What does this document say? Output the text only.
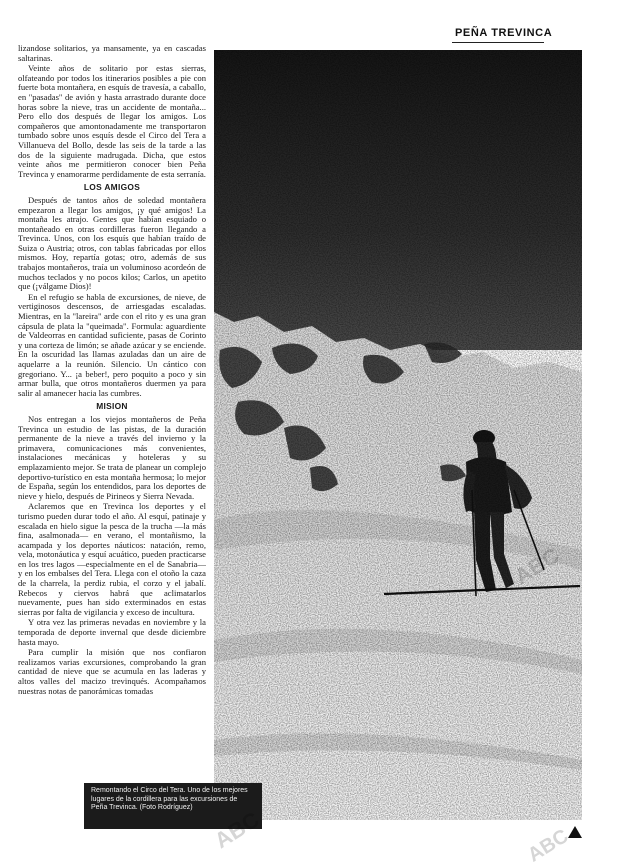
PEÑA TREVINCA

lizandose solitarios, ya mansamente, ya en cascadas saltarinas.

Veinte años de solitario por estas sierras, olfateando por todos los itinerarios posibles a pie con fuerte bota montañera, en esquís de travesía, a caballo, en "pasadas" de avión y hasta arrastrado durante doce horas sobre la nieve, tras un accidente de montaña... Pero ello dos después de llegar los amigos. Los compañeros que amontonadamente me transportaron tumbado sobre unos esquís desde el Circo del Tera a Villanueva del Bollo, desde las seis de la tarde a las dos de la siguiente madrugada. Dicha, que estos veinte años me permitieron conocer bien Peña Trevinca y enamorarme perdidamente de esta serranía.

LOS AMIGOS

Después de tantos años de soledad montañera empezaron a llegar los amigos, ¡y qué amigos! La montaña les atrajo. Gentes que habían esquiado o montañeado en otras cordilleras fueron llegando a Trevinca. Unos, con los esquís que habían traído de Suiza o Austria; otros, con tablas fabricadas por ellos mismos. Hoy, repartía gotas; otro, además de sus trabajos montañeros, traía un voluminoso acordeón de muchos teclados y no pocos kilos; Carlos, un apetito que (¡válgame Dios)!

En el refugio se habla de excursiones, de nieve, de vertiginosos descensos, de arriesgadas escaladas. Mientras, en la "lareira" arde con el rito y es una gran cápsula de plata la "queimada". Formula: aguardiente de Valdeorras en cantidad suficiente, pasas de Corinto y una corteza de limón; se añade azúcar y se enciende. En la oscuridad las llamas azuladas dan un aire de aquelarre a la reunión. Silencio. Un cántico con gregoriano. Y... ¡a beber!, pero poquito a poco y sin armar bulla, que otros montañeros duermen ya para salir al amanecer hacia las cumbres.

MISION

Nos entregan a los viejos montañeros de Peña Trevinca un estudio de las pistas, de la duración permanente de la nieve a través del invierno y la primavera, comunicaciones más convenientes, instalaciones mecánicas y hoteleras y su emplazamiento mejor. Se trata de planear un complejo deportivo-turístico en esta montaña hermosa; lo mejor de España, según los entendidos, para los deportes de nieve y hielo, después de Pirineos y Sierra Nevada.

Aclaremos que en Trevinca los deportes y el turismo pueden durar todo el año. Al esquí, patinaje y escalada en hielo sigue la pesca de la trucha —la más fina, asalmonada— en verano, el montañismo, la acampada y los deportes náuticos: natación, remo, vela, motonáutica y esquí acuático, pueden practicarse en los tres lagos —especialmente en el de Sanabria— y en los embalses del Tera. Llega con el otoño la caza de la charrela, la perdiz rubia, el corzo y el jabalí. Rebecos y ciervos habrá que aclimatarlos nuevamente, pues han sido exterminados en estas sierras por falta de vigilancia y exceso de incultura.

Y otra vez las primeras nevadas en noviembre y la temporada de deporte invernal que desde diciembre hasta mayo.

Para cumplir la misión que nos confiaron realizamos varias excursiones, comprobando la gran cantidad de nieve que se acumula en las laderas y altos valles del macizo trevinqués. Acompañamos nuestras notas de panorámicas tomadas

Remontando el Circo del Tera. Uno de los mejores lugares de la cordillera para las excursiones de Peña Trevinca. (Foto Rodríguez) ABC	ABC
